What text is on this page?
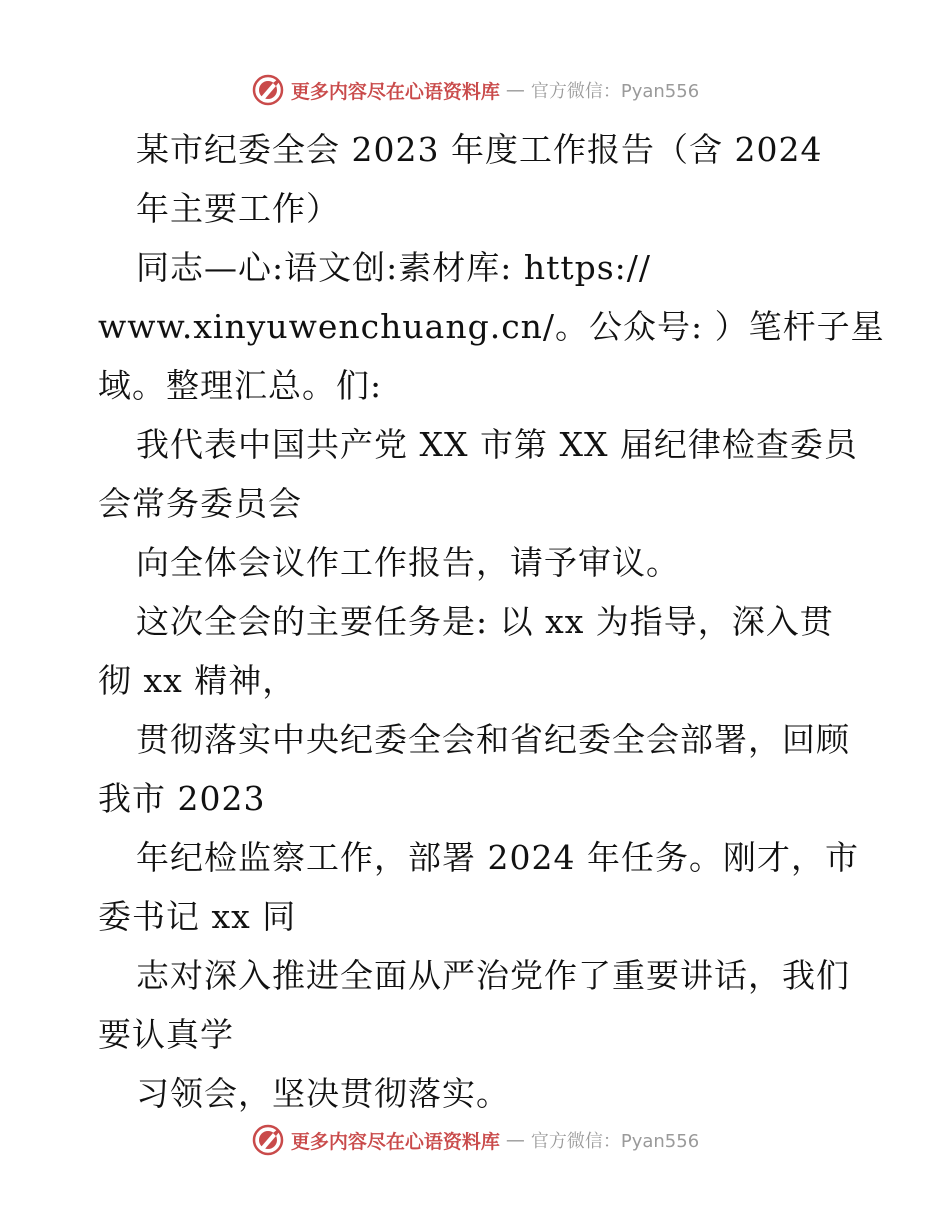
更多内容尽在心语资料库 — 官方微信：Pyan556
某市纪委全会 2023 年度工作报告（含 2024
年主要工作）
同志—心:语文创:素材库: https://
www.xinyuwenchuang.cn/。公众号: ）笔杆子星
域。整理汇总。们:
我代表中国共产党 XX 市第 XX 届纪律检查委员
会常务委员会
向全体会议作工作报告，请予审议。
这次全会的主要任务是: 以 xx 为指导，深入贯
彻 xx 精神，
贯彻落实中央纪委全会和省纪委全会部署，回顾
我市 2023
年纪检监察工作，部署 2024 年任务。刚才，市
委书记 xx 同
志对深入推进全面从严治党作了重要讲话，我们
要认真学
习领会，坚决贯彻落实。
更多内容尽在心语资料库 — 官方微信：Pyan556
